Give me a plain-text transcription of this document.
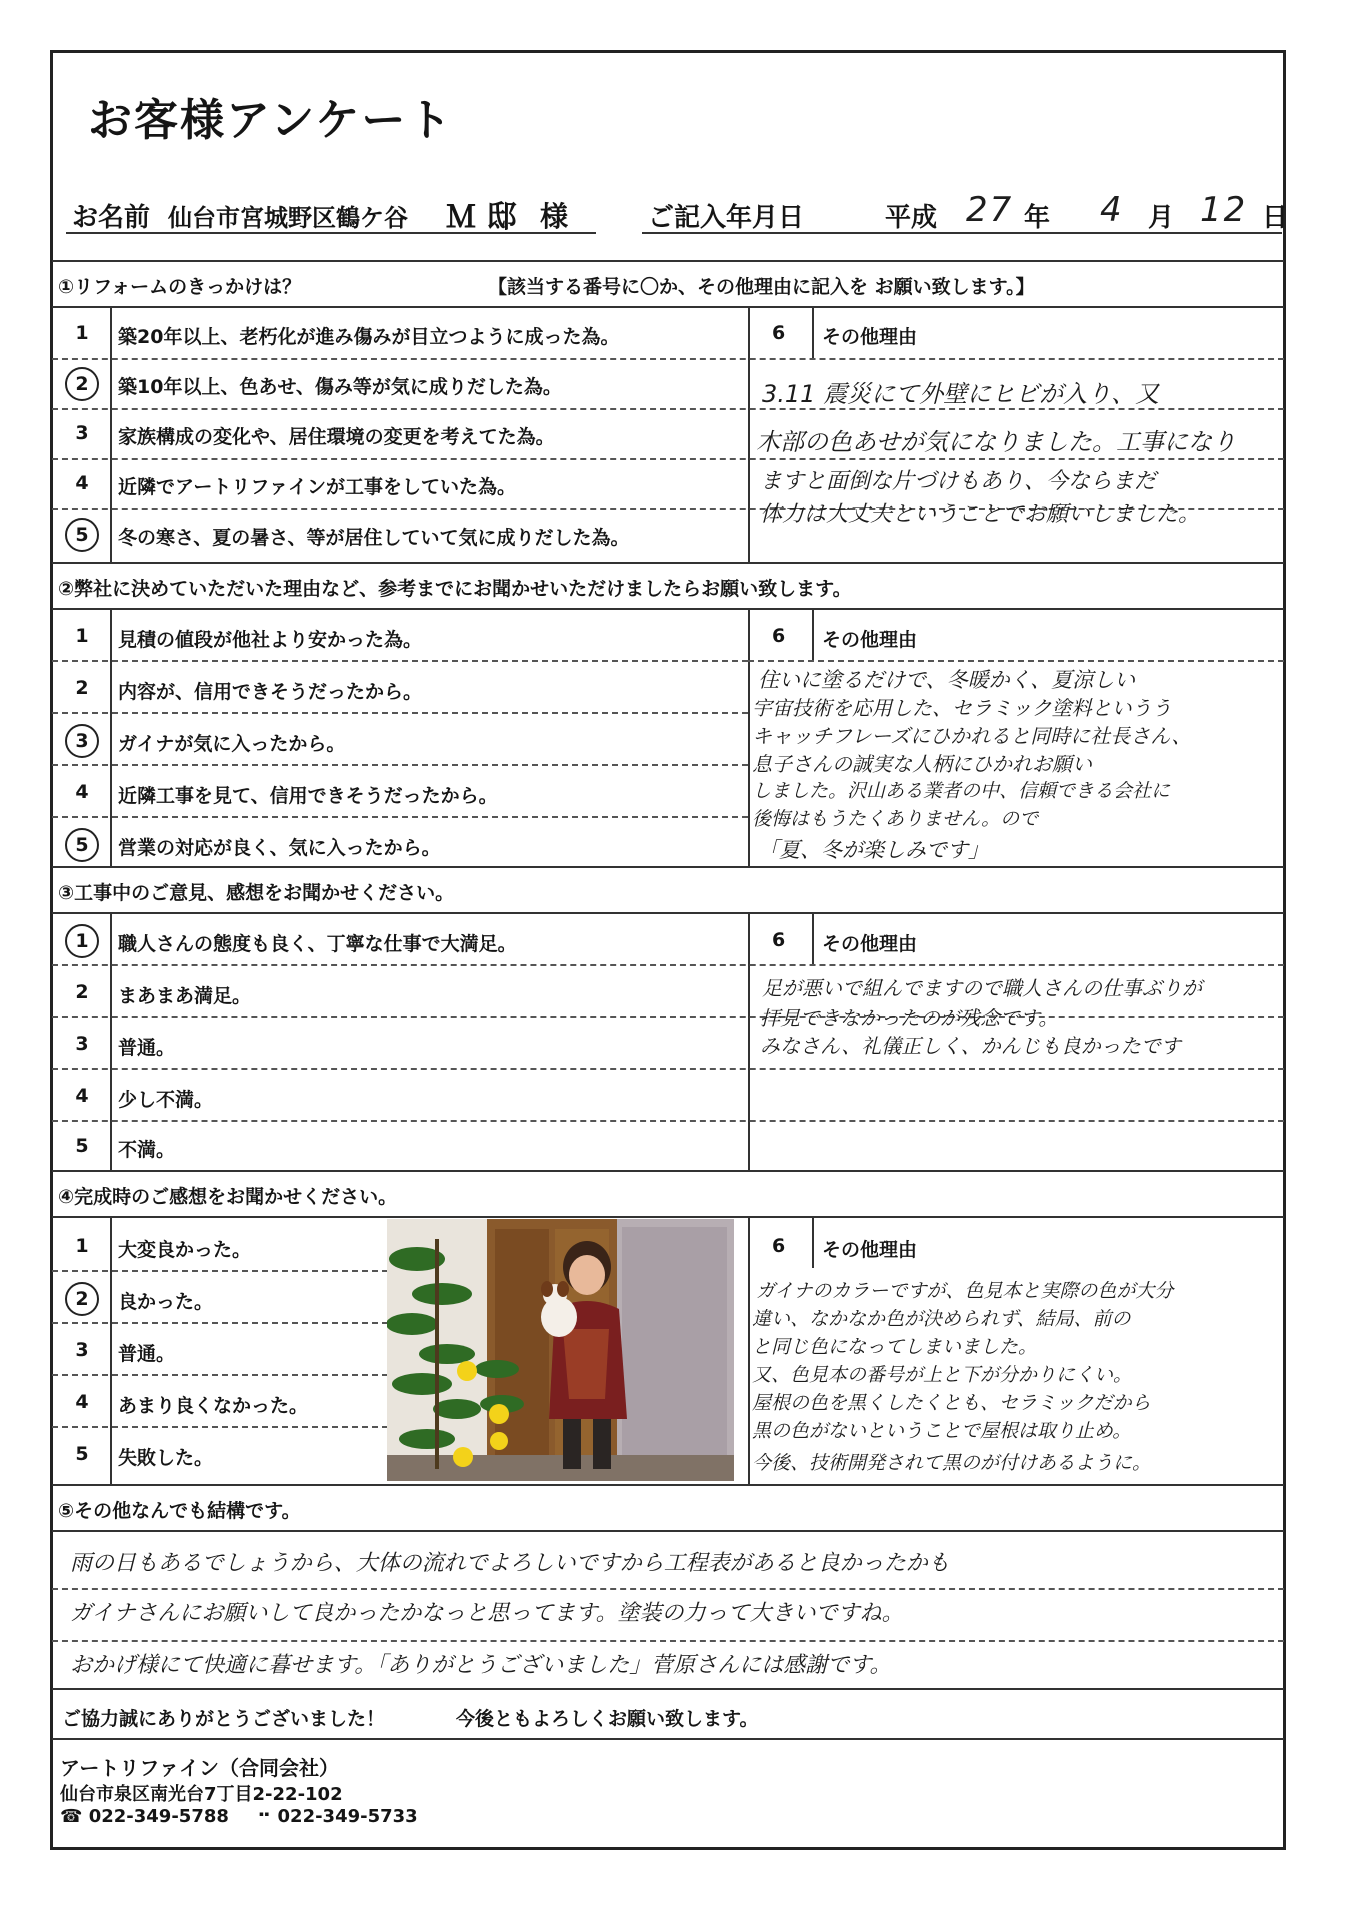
お客様アンケート
お名前 仙台市宮城野区鶴ケ谷 Ｍ 邸 様	ご記入年月日	平成 27 年 4 月 12 日
①リフォームのきっかけは？	【該当する番号に〇か、その他理由に記入を お願い致します。】
1	築20年以上、老朽化が進み傷みが目立つように成った為。
2	築10年以上、色あせ、傷み等が気に成りだした為。
3	家族構成の変化や、居住環境の変更を考えてた為。
4	近隣でアートリファインが工事をしていた為。
5	冬の寒さ、夏の暑さ、等が居住していて気に成りだした為。
6 その他理由
3.11 震災にて外壁にヒビが入り、又
木部の色あせが気になりました。工事になり
ますと面倒な片づけもあり、今ならまだ
体力は大丈夫ということでお願いしました。
②弊社に決めていただいた理由など、参考までにお聞かせいただけましたらお願い致します。
1	見積の値段が他社より安かった為。
2	内容が、信用できそうだったから。
3	ガイナが気に入ったから。
4	近隣工事を見て、信用できそうだったから。
5	営業の対応が良く、気に入ったから。
6 その他理由
住いに塗るだけで、冬暖かく、夏涼しい
宇宙技術を応用した、セラミック塗料というう
キャッチフレーズにひかれると同時に社長さん、
息子さんの誠実な人柄にひかれお願い
しました。沢山ある業者の中、信頼できる会社に
後悔はもうたくありません。ので
「夏、冬が楽しみです」
③工事中のご意見、感想をお聞かせください。
1	職人さんの態度も良く、丁寧な仕事で大満足。
2	まあまあ満足。
3	普通。
4	少し不満。
5	不満。
6 その他理由
足が悪いで組んでますので職人さんの仕事ぶりが
拝見できなかったのが残念です。
みなさん、礼儀正しく、かんじも良かったです
④完成時のご感想をお聞かせください。
1	大変良かった。
2	良かった。
3	普通。
4	あまり良くなかった。
5	失敗した。
6 その他理由
ガイナのカラーですが、色見本と実際の色が大分
違い、なかなか色が決められず、結局、前の
と同じ色になってしまいました。
又、色見本の番号が上と下が分かりにくい。
屋根の色を黒くしたくとも、セラミックだから
黒の色がないということで屋根は取り止め。
今後、技術開発されて黒のが付けあるように。
⑤その他なんでも結構です。
雨の日もあるでしょうから、大体の流れでよろしいですから工程表があると良かったかも
ガイナさんにお願いして良かったかなっと思ってます。塗装の力って大きいですね。
おかげ様にて快適に暮せます。「ありがとうございました」菅原さんには感謝です。
ご協力誠にありがとうございました！	今後ともよろしくお願い致します。
アートリファイン（合同会社）
仙台市泉区南光台7丁目2-22-102
☎ 022-349-5788 ⠒ 022-349-5733
